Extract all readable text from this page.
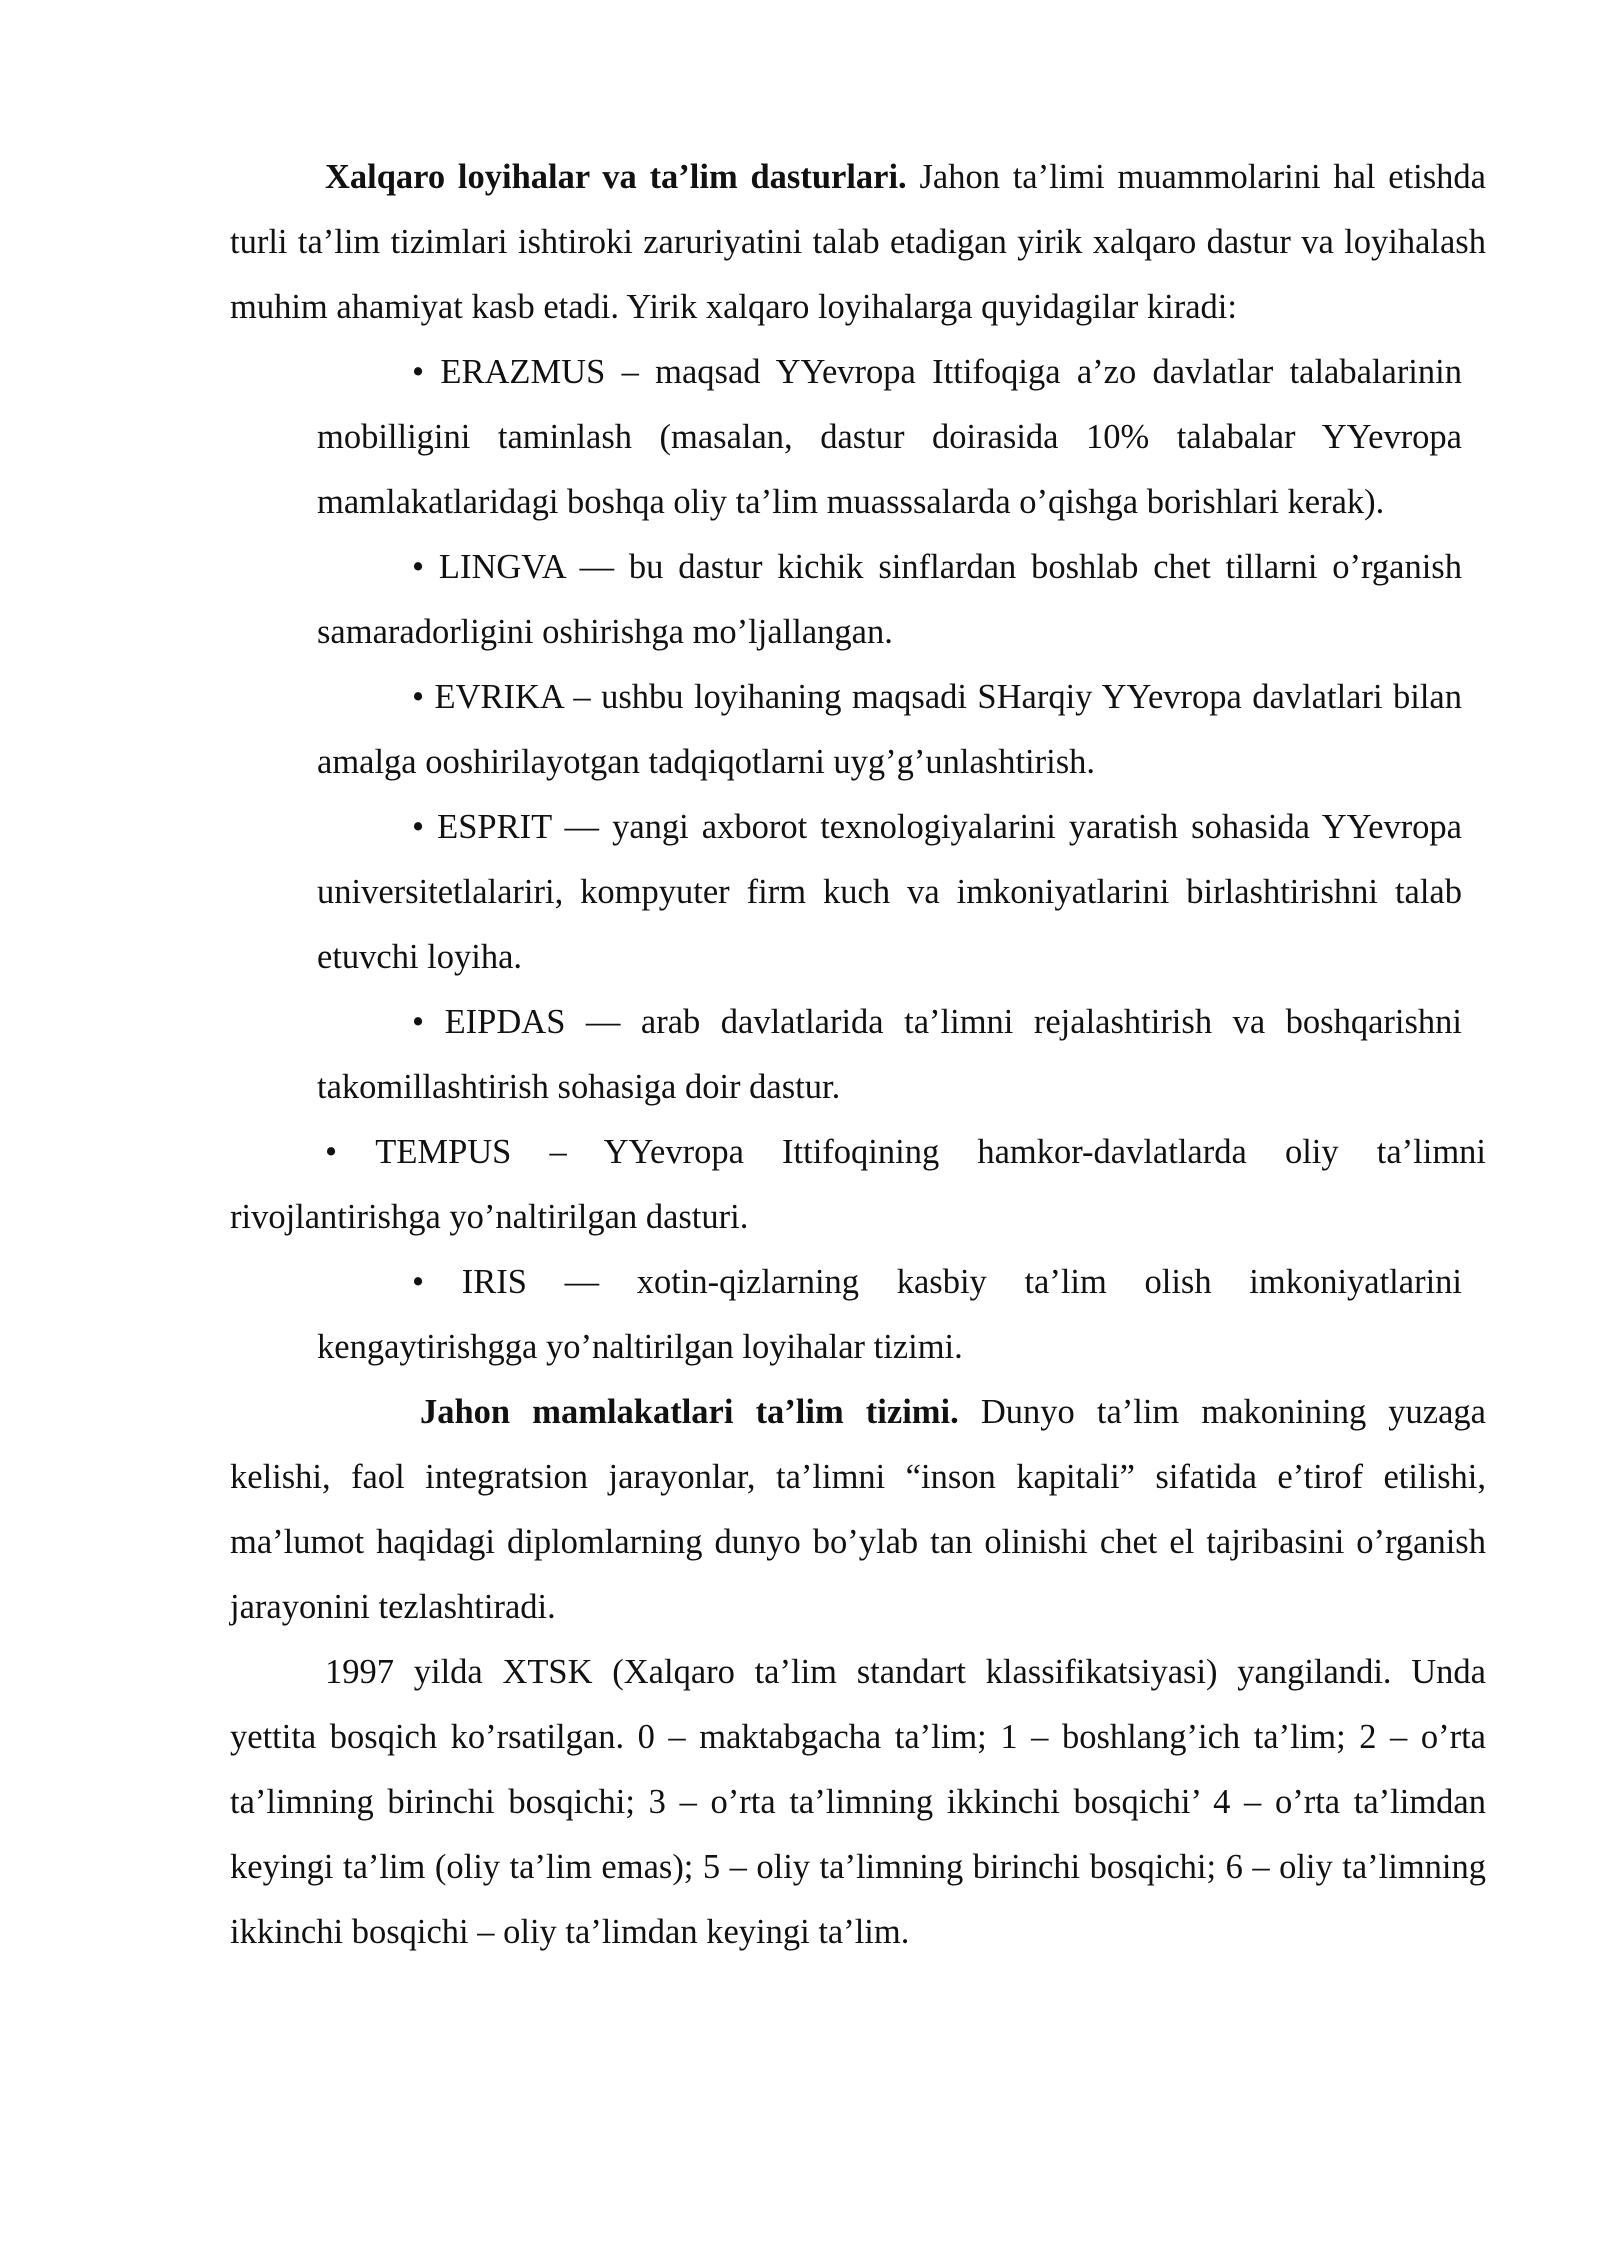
Xalqaro loyihalar va ta’lim dasturlari. Jahon ta’limi muammolarini hal etishda turli ta’lim tizimlari ishtiroki zaruriyatini talab etadigan yirik xalqaro dastur va loyihalash muhim ahamiyat kasb etadi. Yirik xalqaro loyihalarga quyidagilar kiradi:

• ERAZMUS – maqsad YYevropa Ittifoqiga a’zo davlatlar talabalarinin mobilligini taminlash (masalan, dastur doirasida 10% talabalar YYevropa mamlakatlaridagi boshqa oliy ta’lim muasssalarda o’qishga borishlari kerak).

• LINGVA — bu dastur kichik sinflardan boshlab chet tillarni o’rganish samaradorligini oshirishga mo’ljallangan.

• EVRIKA – ushbu loyihaning maqsadi SHarqiy YYevropa davlatlari bilan amalga ooshirilayotgan tadqiqotlarni uyg’g’unlashtirish.

• ESPRIT — yangi axborot texnologiyalarini yaratish sohasida YYevropa universitetlalariri, kompyuter firm kuch va imkoniyatlarini birlashtirishni talab etuvchi loyiha.

• EIPDAS — arab davlatlarida ta’limni rejalashtirish va boshqarishni takomillashtirish sohasiga doir dastur.

• TEMPUS – YYevropa Ittifoqining hamkor-davlatlarda oliy ta’limni rivojlantirishga yo’naltirilgan dasturi.

• IRIS — xotin-qizlarning kasbiy ta’lim olish imkoniyatlarini kengaytirishgga yo’naltirilgan loyihalar tizimi.

Jahon mamlakatlari ta’lim tizimi. Dunyo ta’lim makonining yuzaga kelishi, faol integratsion jarayonlar, ta’limni “inson kapitali” sifatida e’tirof etilishi, ma’lumot haqidagi diplomlarning dunyo bo’ylab tan olinishi chet el tajribasini o’rganish jarayonini tezlashtiradi.

1997 yilda XTSK (Xalqaro ta’lim standart klassifikatsiyasi) yangilandi. Unda yettita bosqich ko’rsatilgan. 0 – maktabgacha ta’lim; 1 – boshlang’ich ta’lim; 2 – o’rta ta’limning birinchi bosqichi; 3 – o’rta ta’limning ikkinchi bosqichi’ 4 – o’rta ta’limdan keyingi ta’lim (oliy ta’lim emas); 5 – oliy ta’limning birinchi bosqichi; 6 – oliy ta’limning ikkinchi bosqichi – oliy ta’limdan keyingi ta’lim.
